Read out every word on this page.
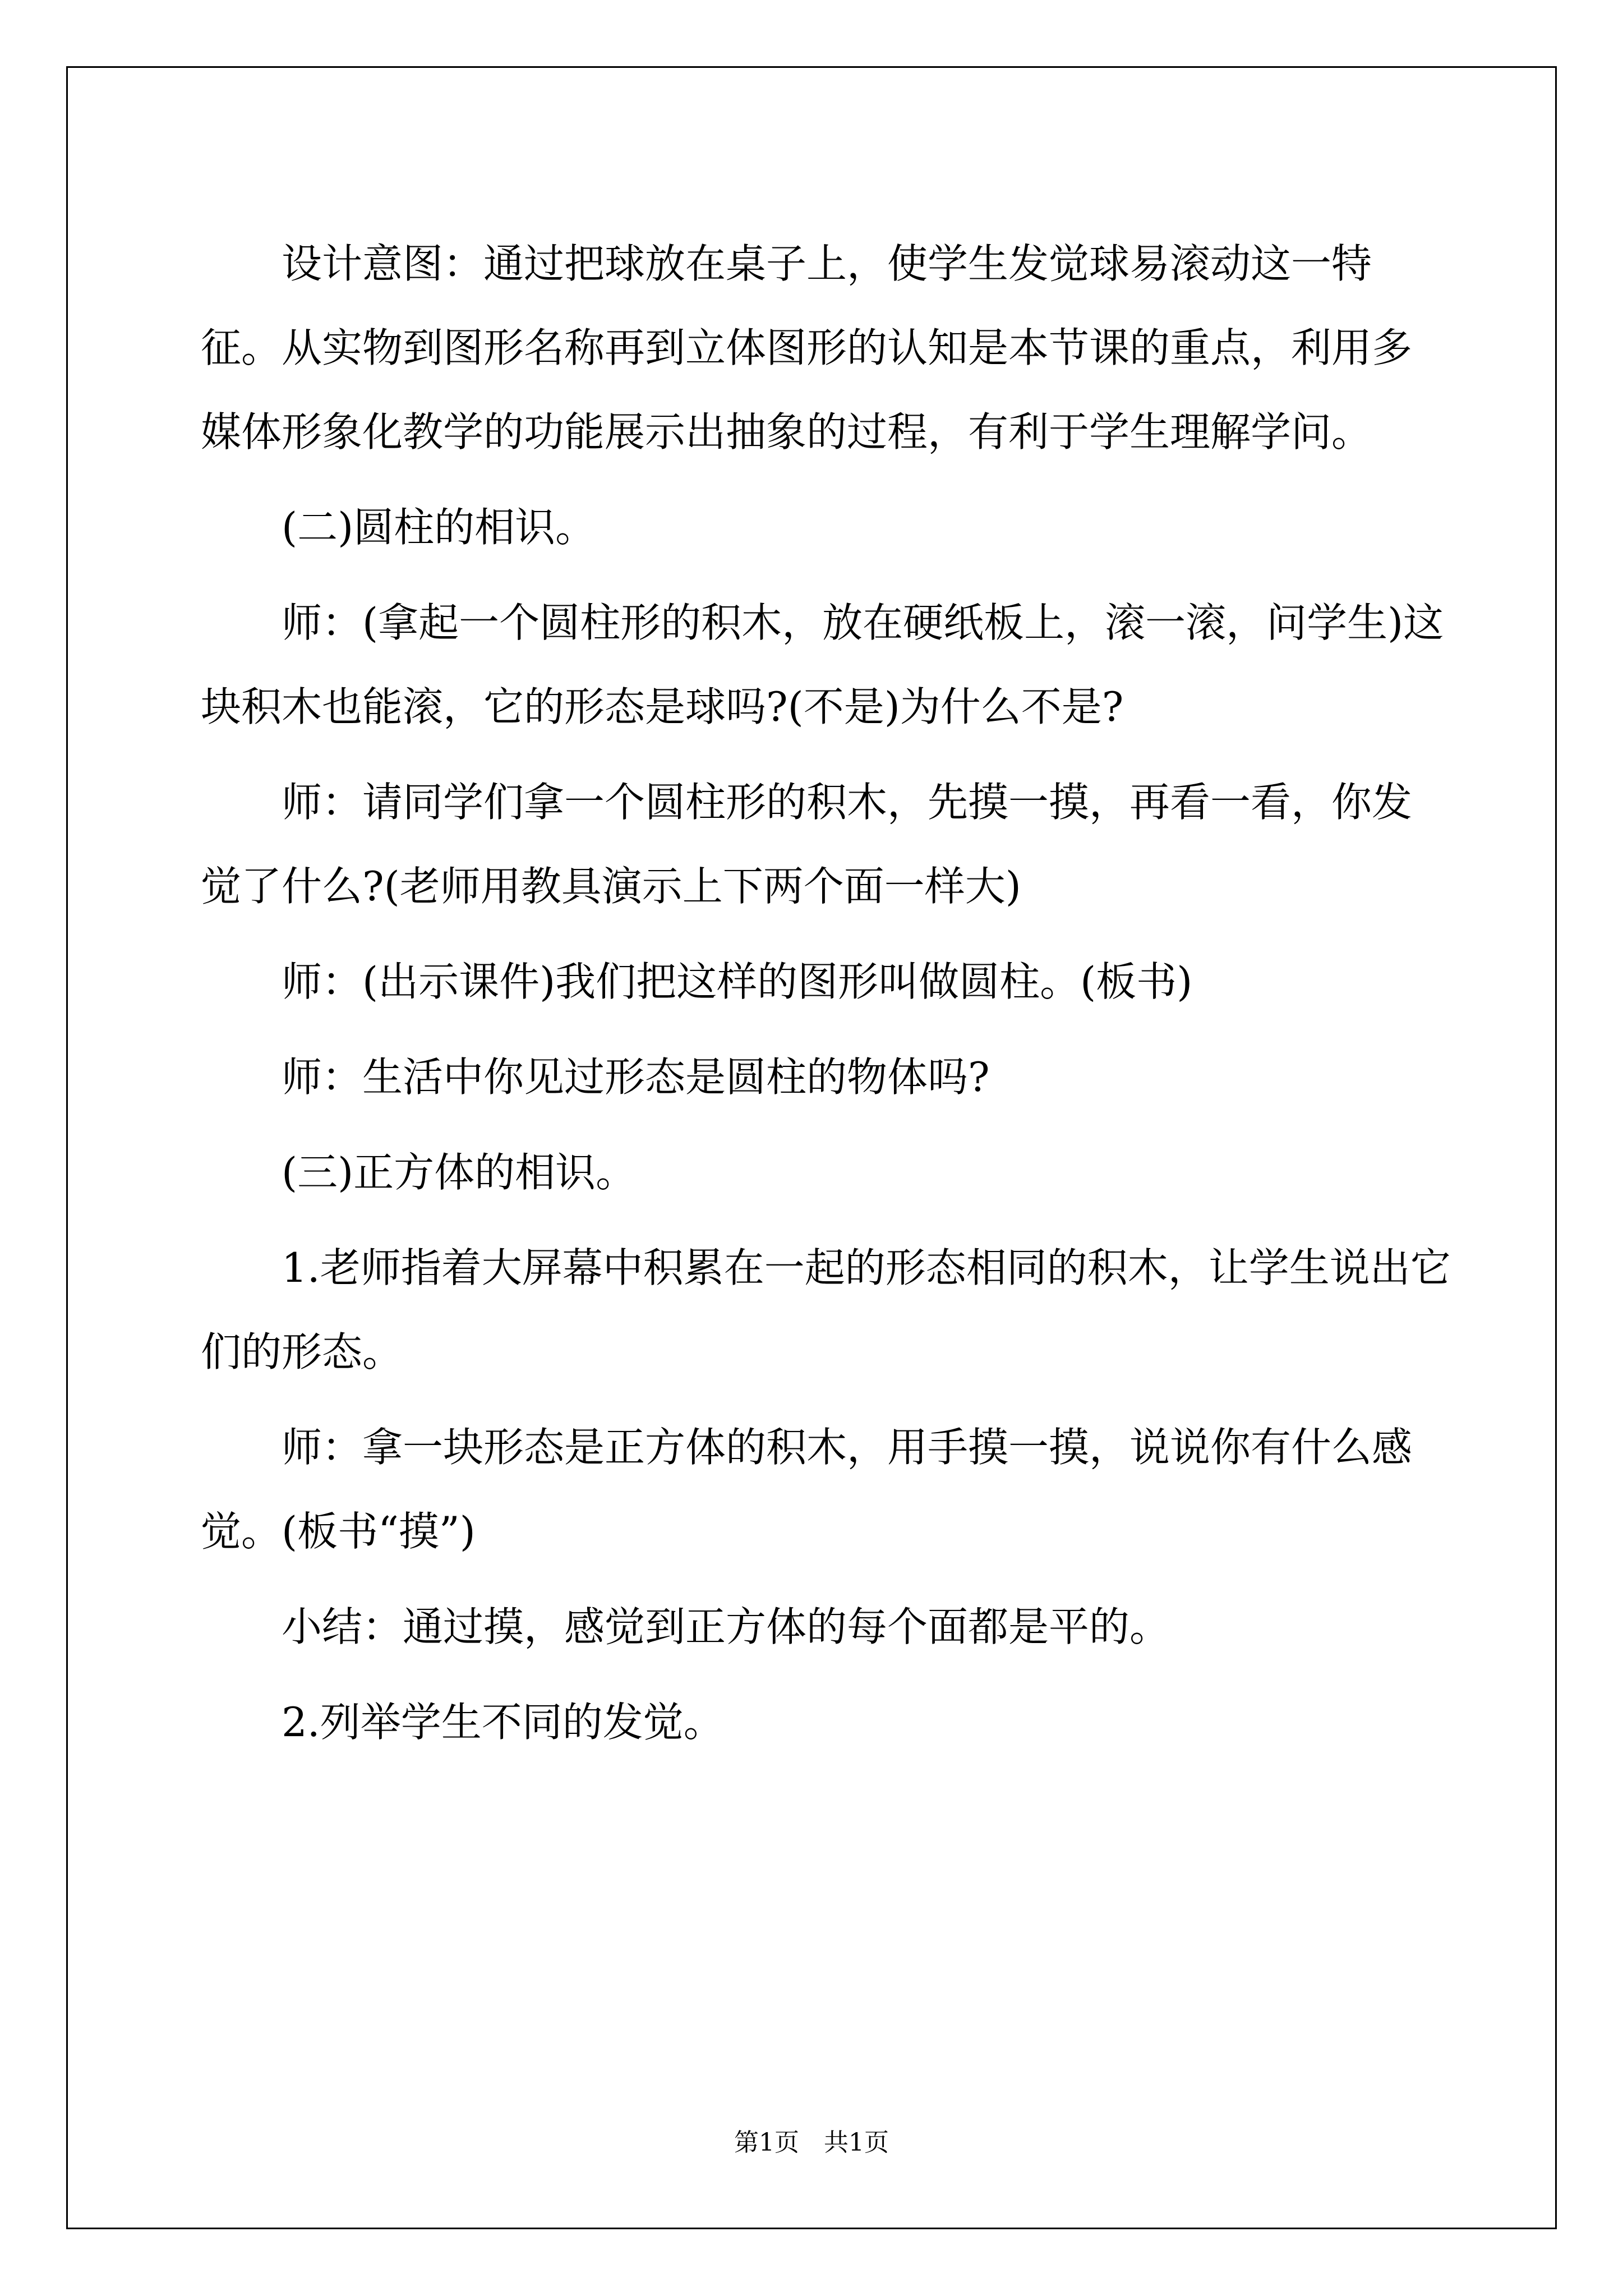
设计意图：通过把球放在桌子上，使学生发觉球易滚动这一特征。从实物到图形名称再到立体图形的认知是本节课的重点，利用多媒体形象化教学的功能展示出抽象的过程，有利于学生理解学问。

(二)圆柱的相识。

师：(拿起一个圆柱形的积木，放在硬纸板上，滚一滚，问学生)这块积木也能滚，它的形态是球吗?(不是)为什么不是?

师：请同学们拿一个圆柱形的积木，先摸一摸，再看一看，你发觉了什么?(老师用教具演示上下两个面一样大)

师：(出示课件)我们把这样的图形叫做圆柱。(板书)

师：生活中你见过形态是圆柱的物体吗?

(三)正方体的相识。

1.老师指着大屏幕中积累在一起的形态相同的积木，让学生说出它们的形态。

师：拿一块形态是正方体的积木，用手摸一摸，说说你有什么感觉。(板书“摸”)

小结：通过摸，感觉到正方体的每个面都是平的。

2.列举学生不同的发觉。

第1页　共1页
